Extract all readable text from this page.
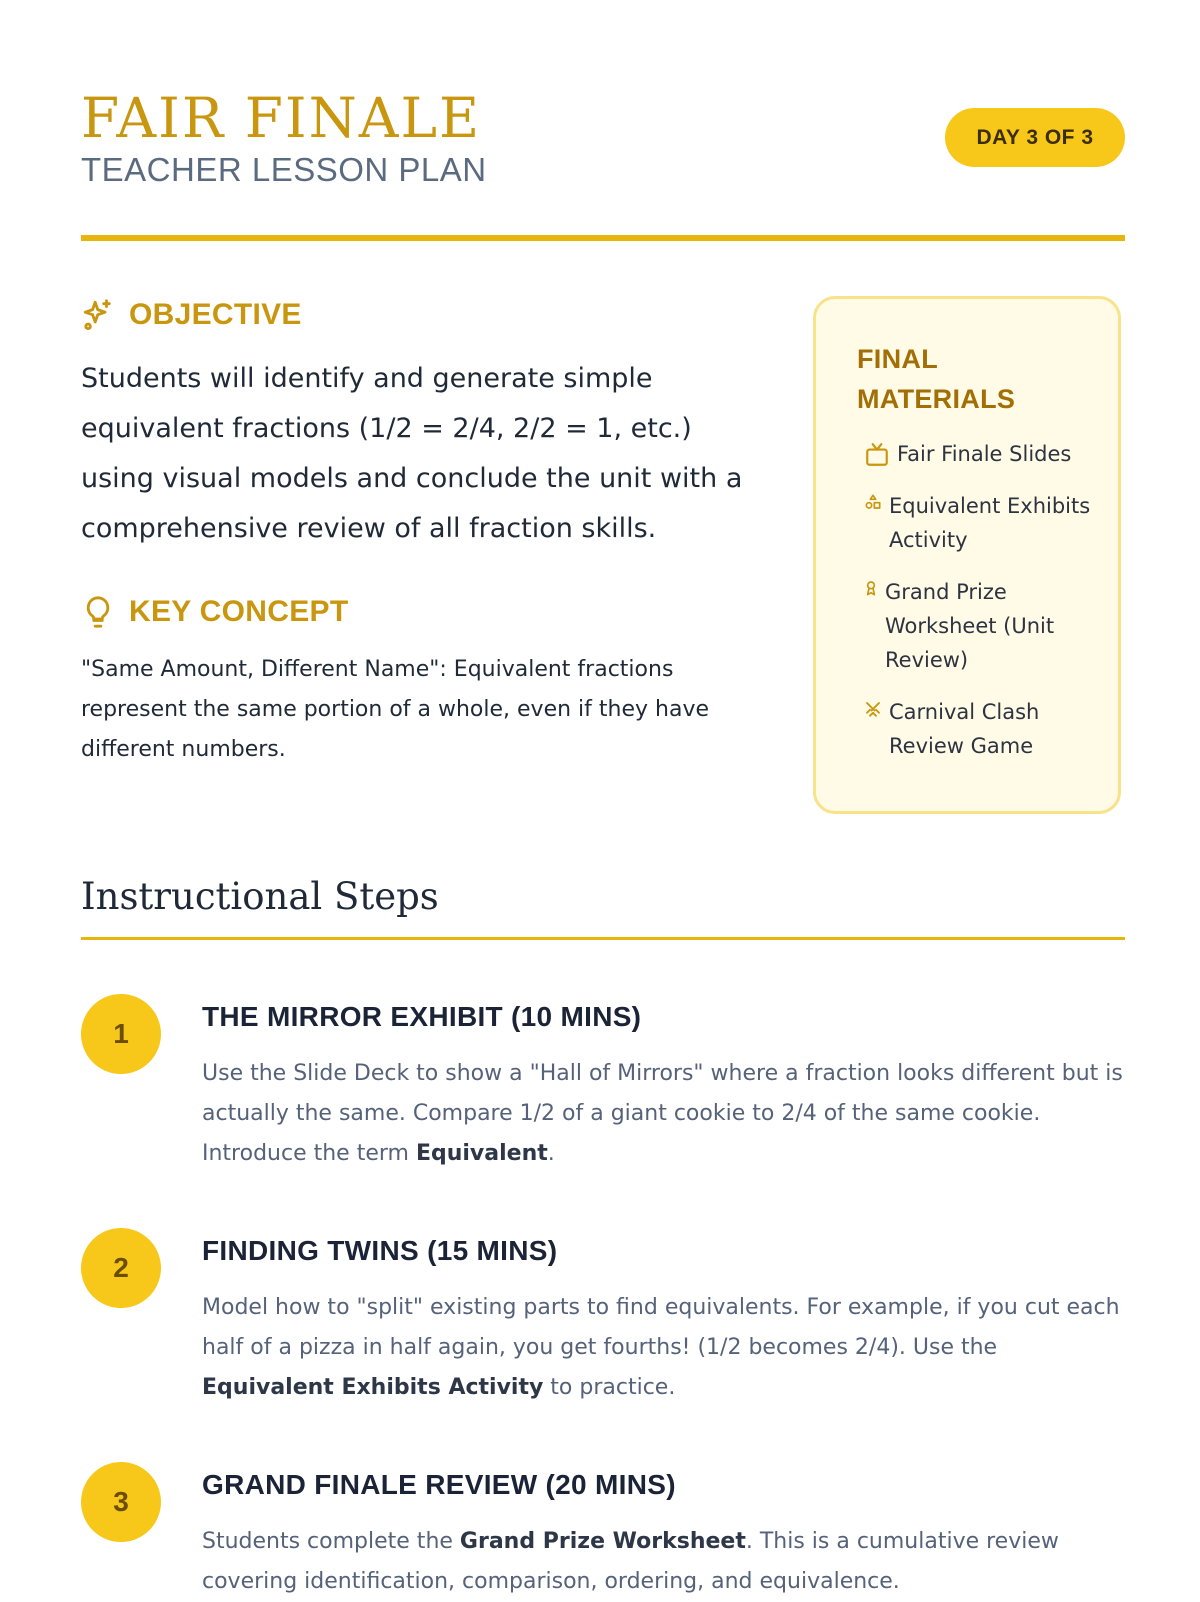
FAIR FINALE
TEACHER LESSON PLAN
DAY 3 OF 3
OBJECTIVE
Students will identify and generate simple equivalent fractions (1/2 = 2/4, 2/2 = 1, etc.) using visual models and conclude the unit with a comprehensive review of all fraction skills.
KEY CONCEPT
"Same Amount, Different Name": Equivalent fractions represent the same portion of a whole, even if they have different numbers.
FINAL
MATERIALS
Fair Finale Slides
Equivalent Exhibits Activity
Grand Prize Worksheet (Unit Review)
Carnival Clash Review Game
Instructional Steps
1
THE MIRROR EXHIBIT (10 MINS)
Use the Slide Deck to show a "Hall of Mirrors" where a fraction looks different but is actually the same. Compare 1/2 of a giant cookie to 2/4 of the same cookie. Introduce the term Equivalent.
2
FINDING TWINS (15 MINS)
Model how to "split" existing parts to find equivalents. For example, if you cut each half of a pizza in half again, you get fourths! (1/2 becomes 2/4). Use the Equivalent Exhibits Activity to practice.
3
GRAND FINALE REVIEW (20 MINS)
Students complete the Grand Prize Worksheet. This is a cumulative review covering identification, comparison, ordering, and equivalence.
